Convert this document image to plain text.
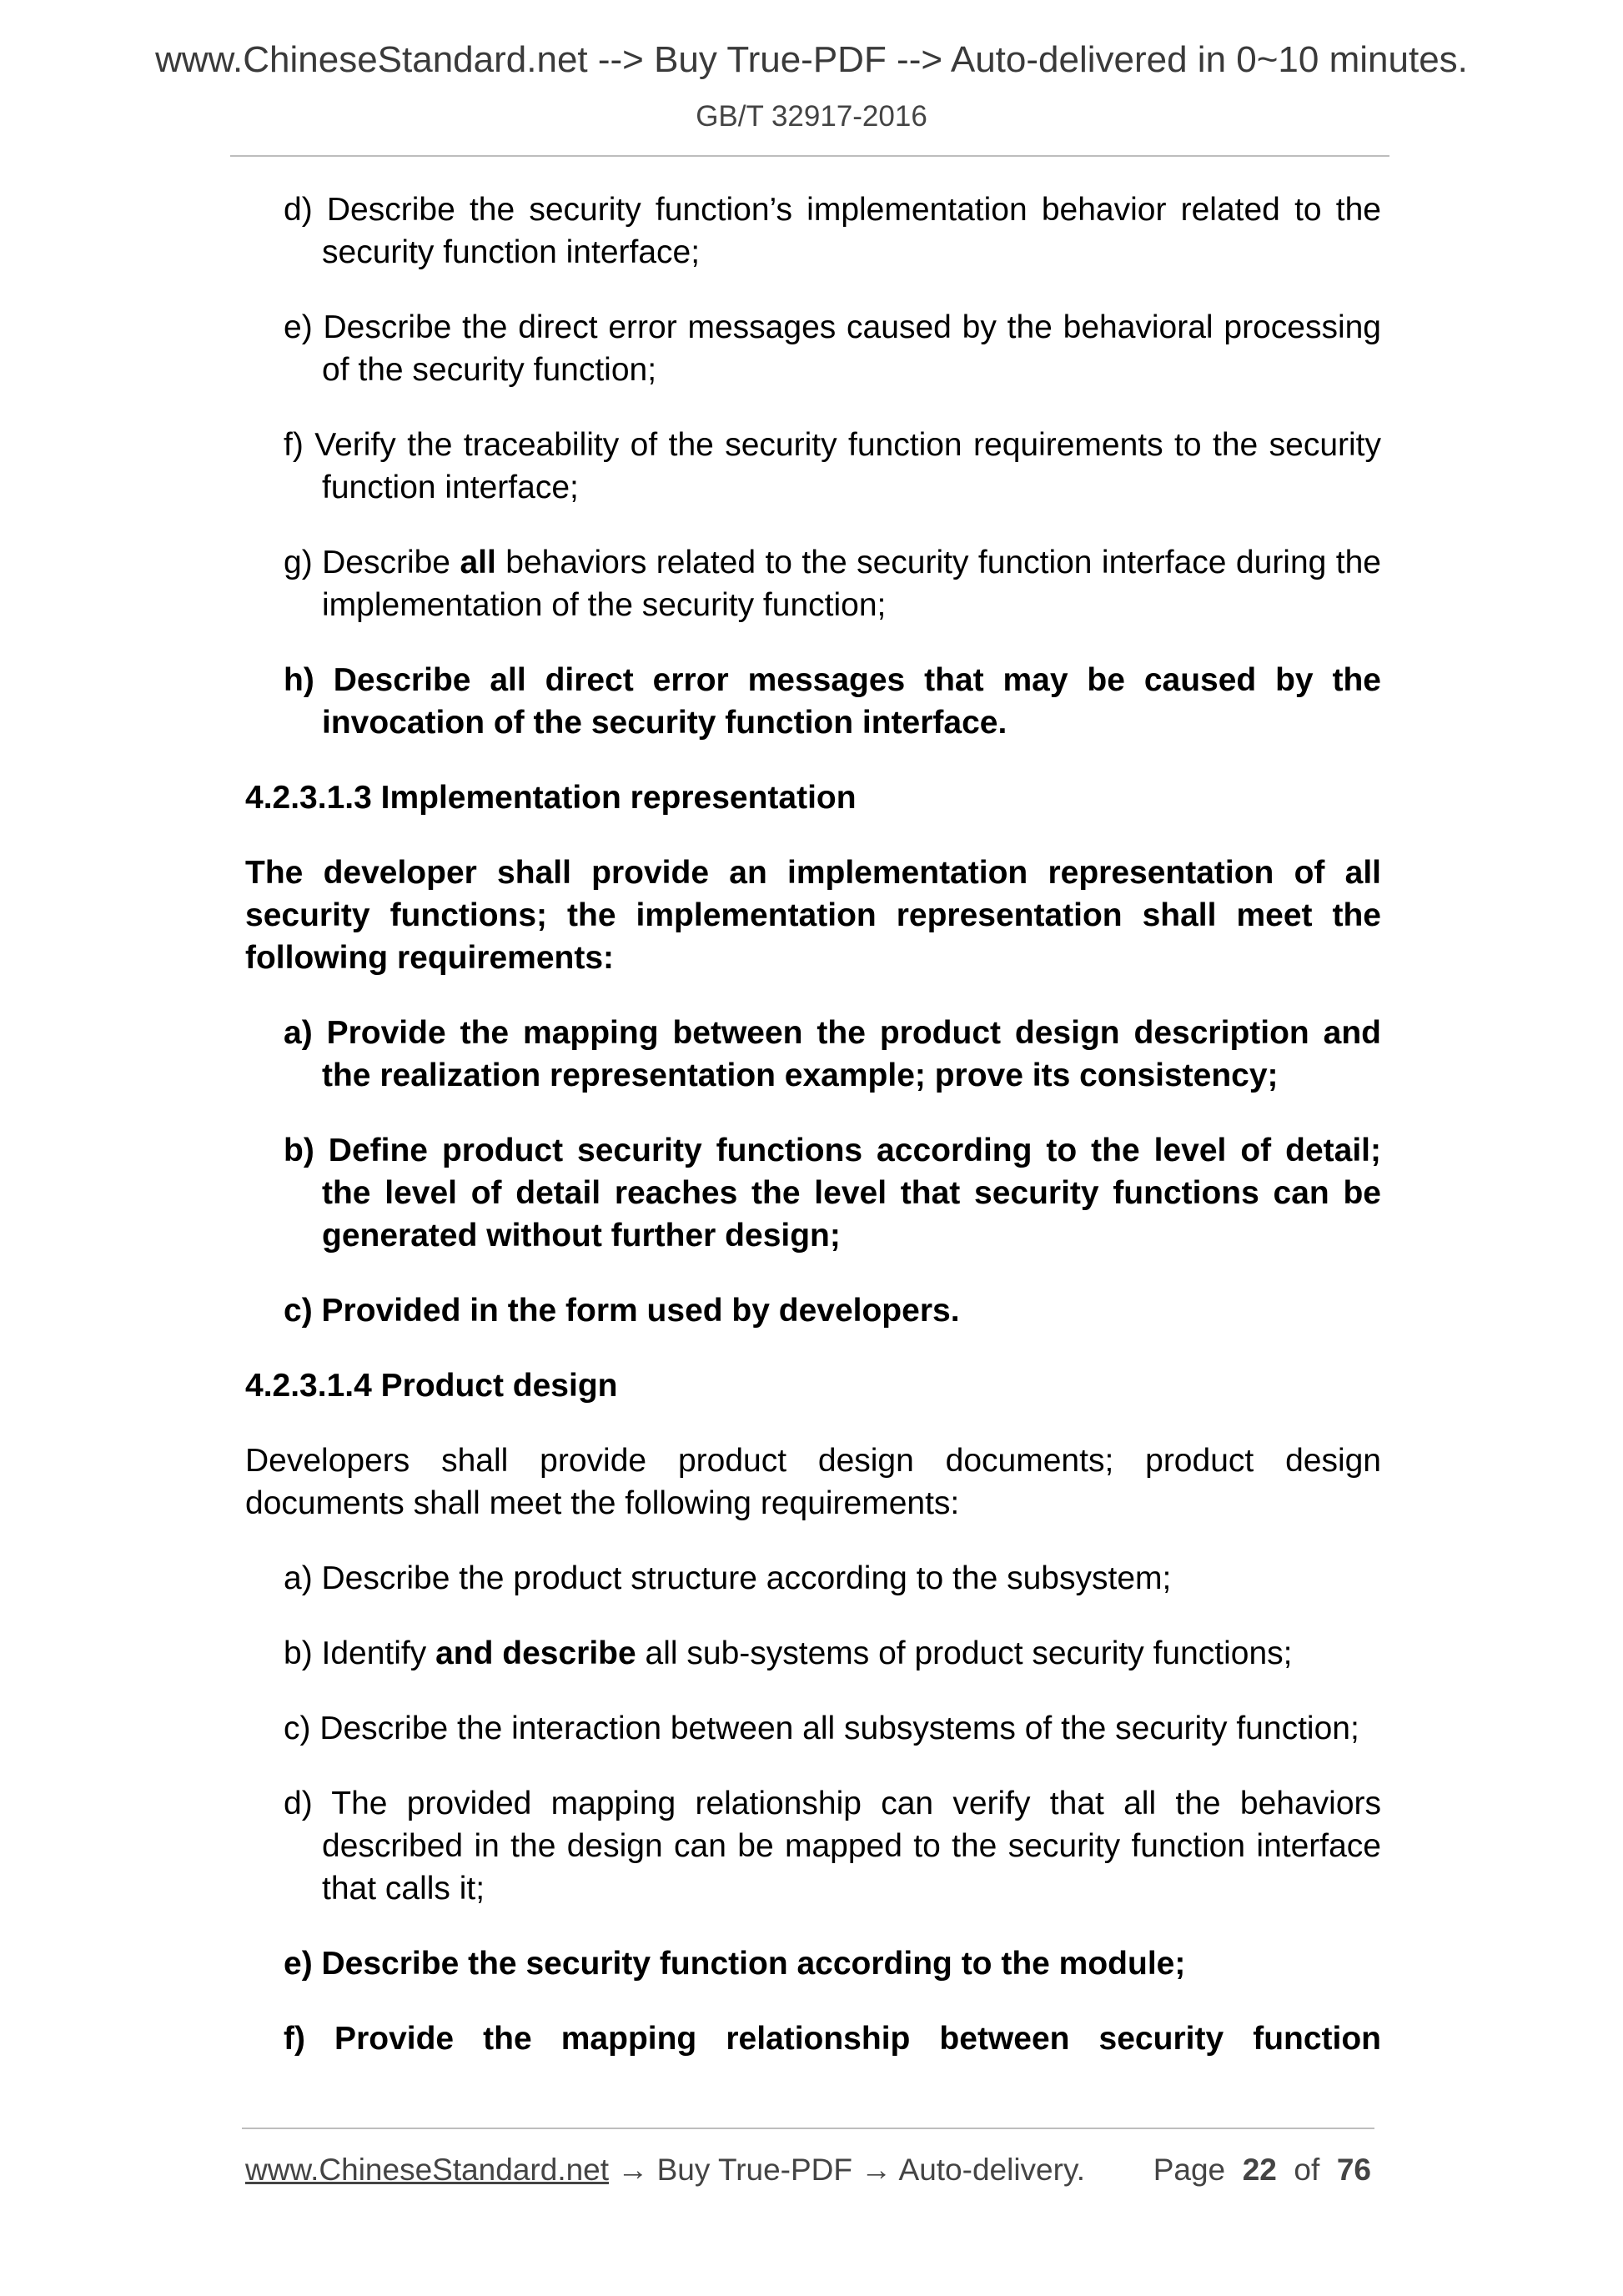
www.ChineseStandard.net --> Buy True-PDF --> Auto-delivered in 0~10 minutes.
GB/T 32917-2016

d) Describe the security function’s implementation behavior related to the security function interface;

e) Describe the direct error messages caused by the behavioral processing of the security function;

f) Verify the traceability of the security function requirements to the security function interface;

g) Describe all behaviors related to the security function interface during the implementation of the security function;

h) Describe all direct error messages that may be caused by the invocation of the security function interface.

4.2.3.1.3 Implementation representation

The developer shall provide an implementation representation of all security functions; the implementation representation shall meet the following requirements:

a) Provide the mapping between the product design description and the realization representation example; prove its consistency;

b) Define product security functions according to the level of detail; the level of detail reaches the level that security functions can be generated without further design;

c) Provided in the form used by developers.

4.2.3.1.4 Product design

Developers shall provide product design documents; product design documents shall meet the following requirements:

a) Describe the product structure according to the subsystem;

b) Identify and describe all sub-systems of product security functions;

c) Describe the interaction between all subsystems of the security function;

d) The provided mapping relationship can verify that all the behaviors described in the design can be mapped to the security function interface that calls it;

e) Describe the security function according to the module;

f) Provide the mapping relationship between security function

www.ChineseStandard.net → Buy True-PDF → Auto-delivery. Page 22 of 76
